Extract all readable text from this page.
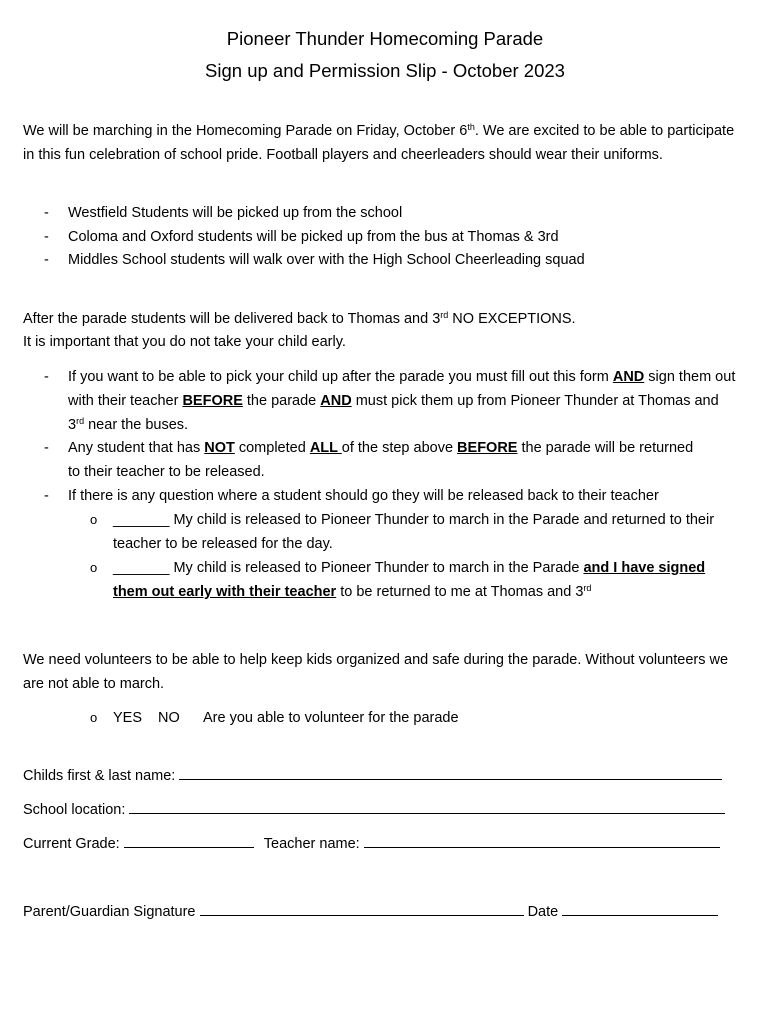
Pioneer Thunder Homecoming Parade
Sign up and Permission Slip - October 2023
We will be marching in the Homecoming Parade on Friday, October 6th. We are excited to be able to participate in this fun celebration of school pride. Football players and cheerleaders should wear their uniforms.
- Westfield Students will be picked up from the school
- Coloma and Oxford students will be picked up from the bus at Thomas & 3rd
- Middles School students will walk over with the High School Cheerleading squad
After the parade students will be delivered back to Thomas and 3rd NO EXCEPTIONS.
It is important that you do not take your child early.
- If you want to be able to pick your child up after the parade you must fill out this form AND sign them out with their teacher BEFORE the parade AND must pick them up from Pioneer Thunder at Thomas and 3rd near the buses.
- Any student that has NOT completed ALL of the step above BEFORE the parade will be returned to their teacher to be released.
- If there is any question where a student should go they will be released back to their teacher
o _______ My child is released to Pioneer Thunder to march in the Parade and returned to their teacher to be released for the day.
o _______ My child is released to Pioneer Thunder to march in the Parade and I have signed them out early with their teacher to be returned to me at Thomas and 3rd
We need volunteers to be able to help keep kids organized and safe during the parade. Without volunteers we are not able to march.
o YES NO Are you able to volunteer for the parade
Childs first & last name:
School location:
Current Grade:	Teacher name:
Parent/Guardian Signature	Date
